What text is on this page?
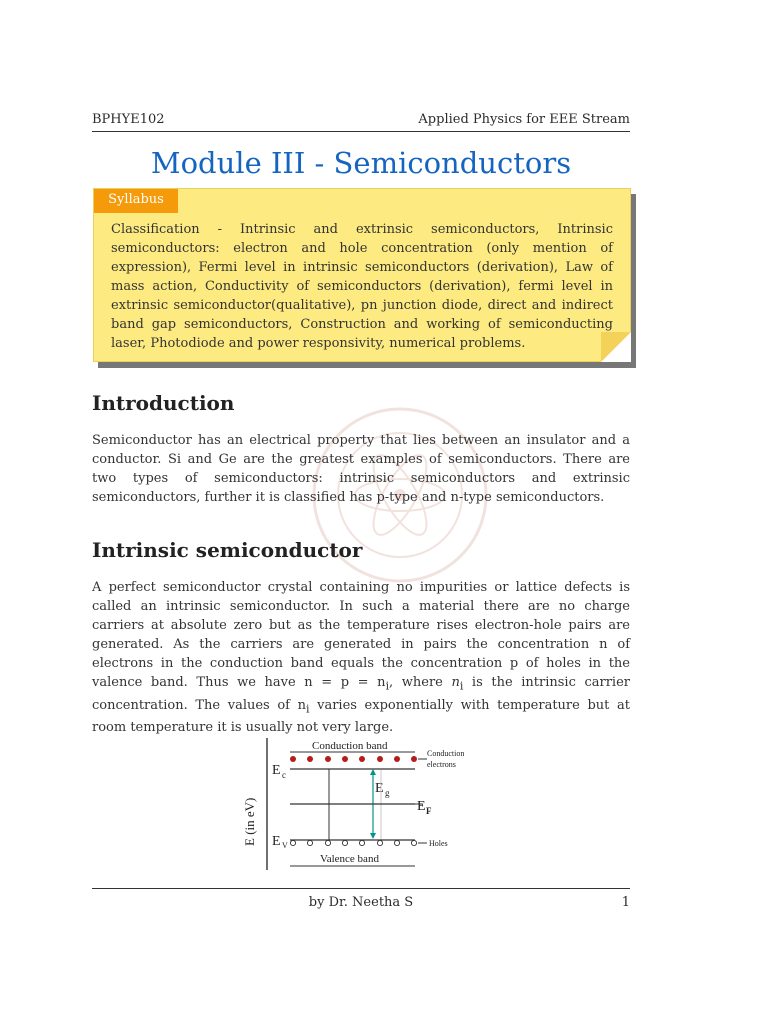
BPHYE102	Applied Physics for EEE Stream
Module III - Semiconductors
Syllabus
Classification - Intrinsic and extrinsic semiconductors, Intrinsic semiconductors: electron and hole concentration (only mention of expression), Fermi level in intrinsic semiconductors (derivation), Law of mass action, Conductivity of semiconductors (derivation), fermi level in extrinsic semiconductor(qualitative), pn junction diode, direct and indirect band gap semiconductors, Construction and working of semiconducting laser, Photodiode and power responsivity, numerical problems.
Introduction
Semiconductor has an electrical property that lies between an insulator and a conductor. Si and Ge are the greatest examples of semiconductors. There are two types of semiconductors: intrinsic semiconductors and extrinsic semiconductors, further it is classified has p-type and n-type semiconductors.
Intrinsic semiconductor
A perfect semiconductor crystal containing no impurities or lattice defects is called an intrinsic semiconductor. In such a material there are no charge carriers at absolute zero but as the temperature rises electron-hole pairs are generated. As the carriers are generated in pairs the concentration n of electrons in the conduction band equals the concentration p of holes in the valence band. Thus we have $n = p = n_i$, where $n_i$ is the intrinsic carrier concentration. The values of $n_i$ varies exponentially with temperature but at room temperature it is usually not very large.
E (in eV)
Conduction band
Conduction
electrons
E c
E g
E F
E V	Holes
Valence band
by Dr. Neetha S	1
